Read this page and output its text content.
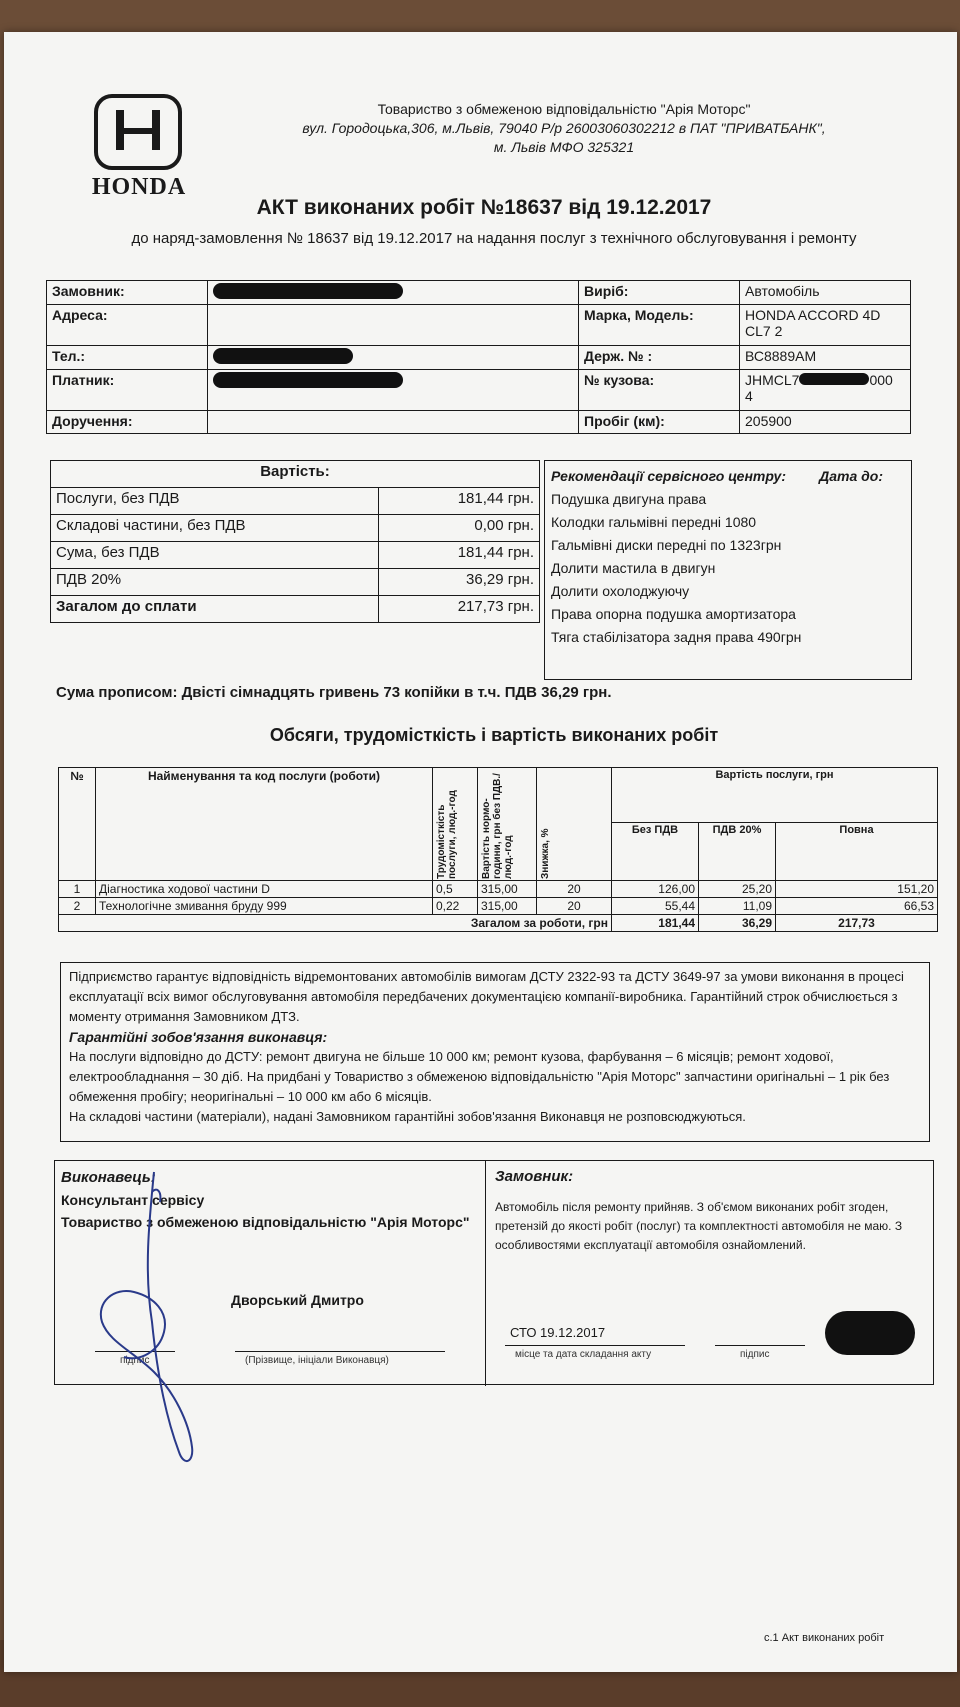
HONDA
Товариство з обмеженою відповідальністю "Арія Моторс"
вул. Городоцька,306, м.Львів, 79040 Р/р 26003060302212 в ПАТ "ПРИВАТБАНК",
м. Львів МФО 325321
АКТ виконаних робіт №18637 від 19.12.2017
до наряд-замовлення № 18637 від 19.12.2017 на надання послуг з технічного обслуговування і ремонту
Замовник:		Виріб:	Автомобіль
Адреса:		Марка, Модель:	HONDA ACCORD 4D CL7 2
Тел.:		Держ. № :	ВС8889АМ
Платник:		№ кузова:	JHMCL7 000
4
Доручення:		Пробіг (км):	205900
Вартість:	
Послуги, без ПДВ	181,44 грн.
Складові частини, без ПДВ	0,00 грн.
Сума, без ПДВ	181,44 грн.
ПДВ 20%	36,29 грн.
Загалом до сплати	217,73 грн.
Рекомендації сервісного центру: Дата до:
Подушка двигуна права
Колодки гальмівні передні 1080
Гальмівні диски передні по 1323грн
Долити мастила в двигун
Долити охолоджуючу
Права опорна подушка амортизатора
Тяга стабілізатора задня права 490грн
Сума прописом: Двісті сімнадцять гривень 73 копійки в т.ч. ПДВ 36,29 грн.
Обсяги, трудомісткість і вартість виконаних робіт
№	Найменування та код послуги (роботи)	Трудомісткість послуги, люд.-год	Вартість нормо-години, грн без ПДВ./люд.-год	Знижка, %	Вартість послуги, грн		
					Без ПДВ	ПДВ 20%	Повна
1	Діагностика ходової частини D	0,5	315,00	20	126,00	25,20	151,20
2	Технологічне змивання бруду 999	0,22	315,00	20	55,44	11,09	66,53
Загалом за роботи, грн					181,44	36,29	217,73
Підприємство гарантує відповідність відремонтованих автомобілів вимогам ДСТУ 2322-93 та ДСТУ 3649-97 за умови виконання в процесі експлуатації всіх вимог обслуговування автомобіля передбачених документацією компанії-виробника. Гарантійний строк обчислюється з моменту отримання Замовником ДТЗ.
Гарантійні зобов'язання виконавця:
На послуги відповідно до ДСТУ: ремонт двигуна не більше 10 000 км; ремонт кузова, фарбування – 6 місяців; ремонт ходової, електрообладнання – 30 діб. На придбані у Товариство з обмеженою відповідальністю "Арія Моторс" запчастини оригінальні – 1 рік без обмеження пробігу; неоригінальні – 10 000 км або 6 місяців.
На складові частини (матеріали), надані Замовником гарантійні зобов'язання Виконавця не розповсюджуються.
Виконавець:
Консультант сервісу
Товариство з обмеженою відповідальністю "Арія Моторс"
Дворський Дмитро
підпис	(Прізвище, ініціали Виконавця)
Замовник:
Автомобіль після ремонту прийняв. З об'ємом виконаних робіт згоден, претензій до якості робіт (послуг) та комплектності автомобіля не маю. З особливостями експлуатації автомобіля ознайомлений.
СТО 19.12.2017
місце та дата складання акту	підпис
с.1 Акт виконаних робіт
